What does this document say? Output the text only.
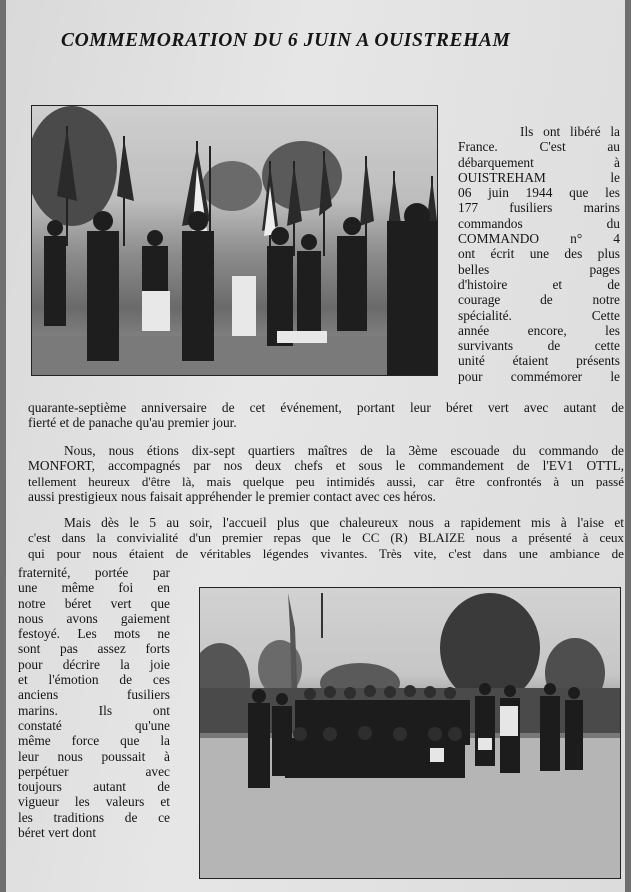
COMMEMORATION DU 6 JUIN A OUISTREHAM
Ils ont libéré la
France. C'est au
débarquement à
OUISTREHAM le
06 juin 1944 que les
177 fusiliers marins
commandos du
COMMANDO n° 4
ont écrit une des plus
belles pages
d'histoire et de
courage de notre
spécialité. Cette
année encore, les
survivants de cette
unité étaient présents
pour commémorer le
quarante-septième anniversaire de cet événement, portant leur béret vert avec autant de
fierté et de panache qu'au premier jour.
Nous, nous étions dix-sept quartiers maîtres de la 3ème escouade du commando de
MONFORT, accompagnés par nos deux chefs et sous le commandement de l'EV1 OTTL,
tellement heureux d'être là, mais quelque peu intimidés aussi, car être confrontés à un passé
aussi prestigieux nous faisait appréhender le premier contact avec ces héros.
Mais dès le 5 au soir, l'accueil plus que chaleureux nous a rapidement mis à l'aise et
c'est dans la convivialité d'un premier repas que le CC (R) BLAIZE nous a présenté à ceux
qui pour nous étaient de véritables légendes vivantes. Très vite, c'est dans une ambiance de
fraternité, portée par
une même foi en
notre béret vert que
nous avons gaiement
festoyé. Les mots ne
sont pas assez forts
pour décrire la joie
et l'émotion de ces
anciens fusiliers
marins. Ils ont
constaté qu'une
même force que la
leur nous poussait à
perpétuer avec
toujours autant de
vigueur les valeurs et
les traditions de ce
béret vert dont
